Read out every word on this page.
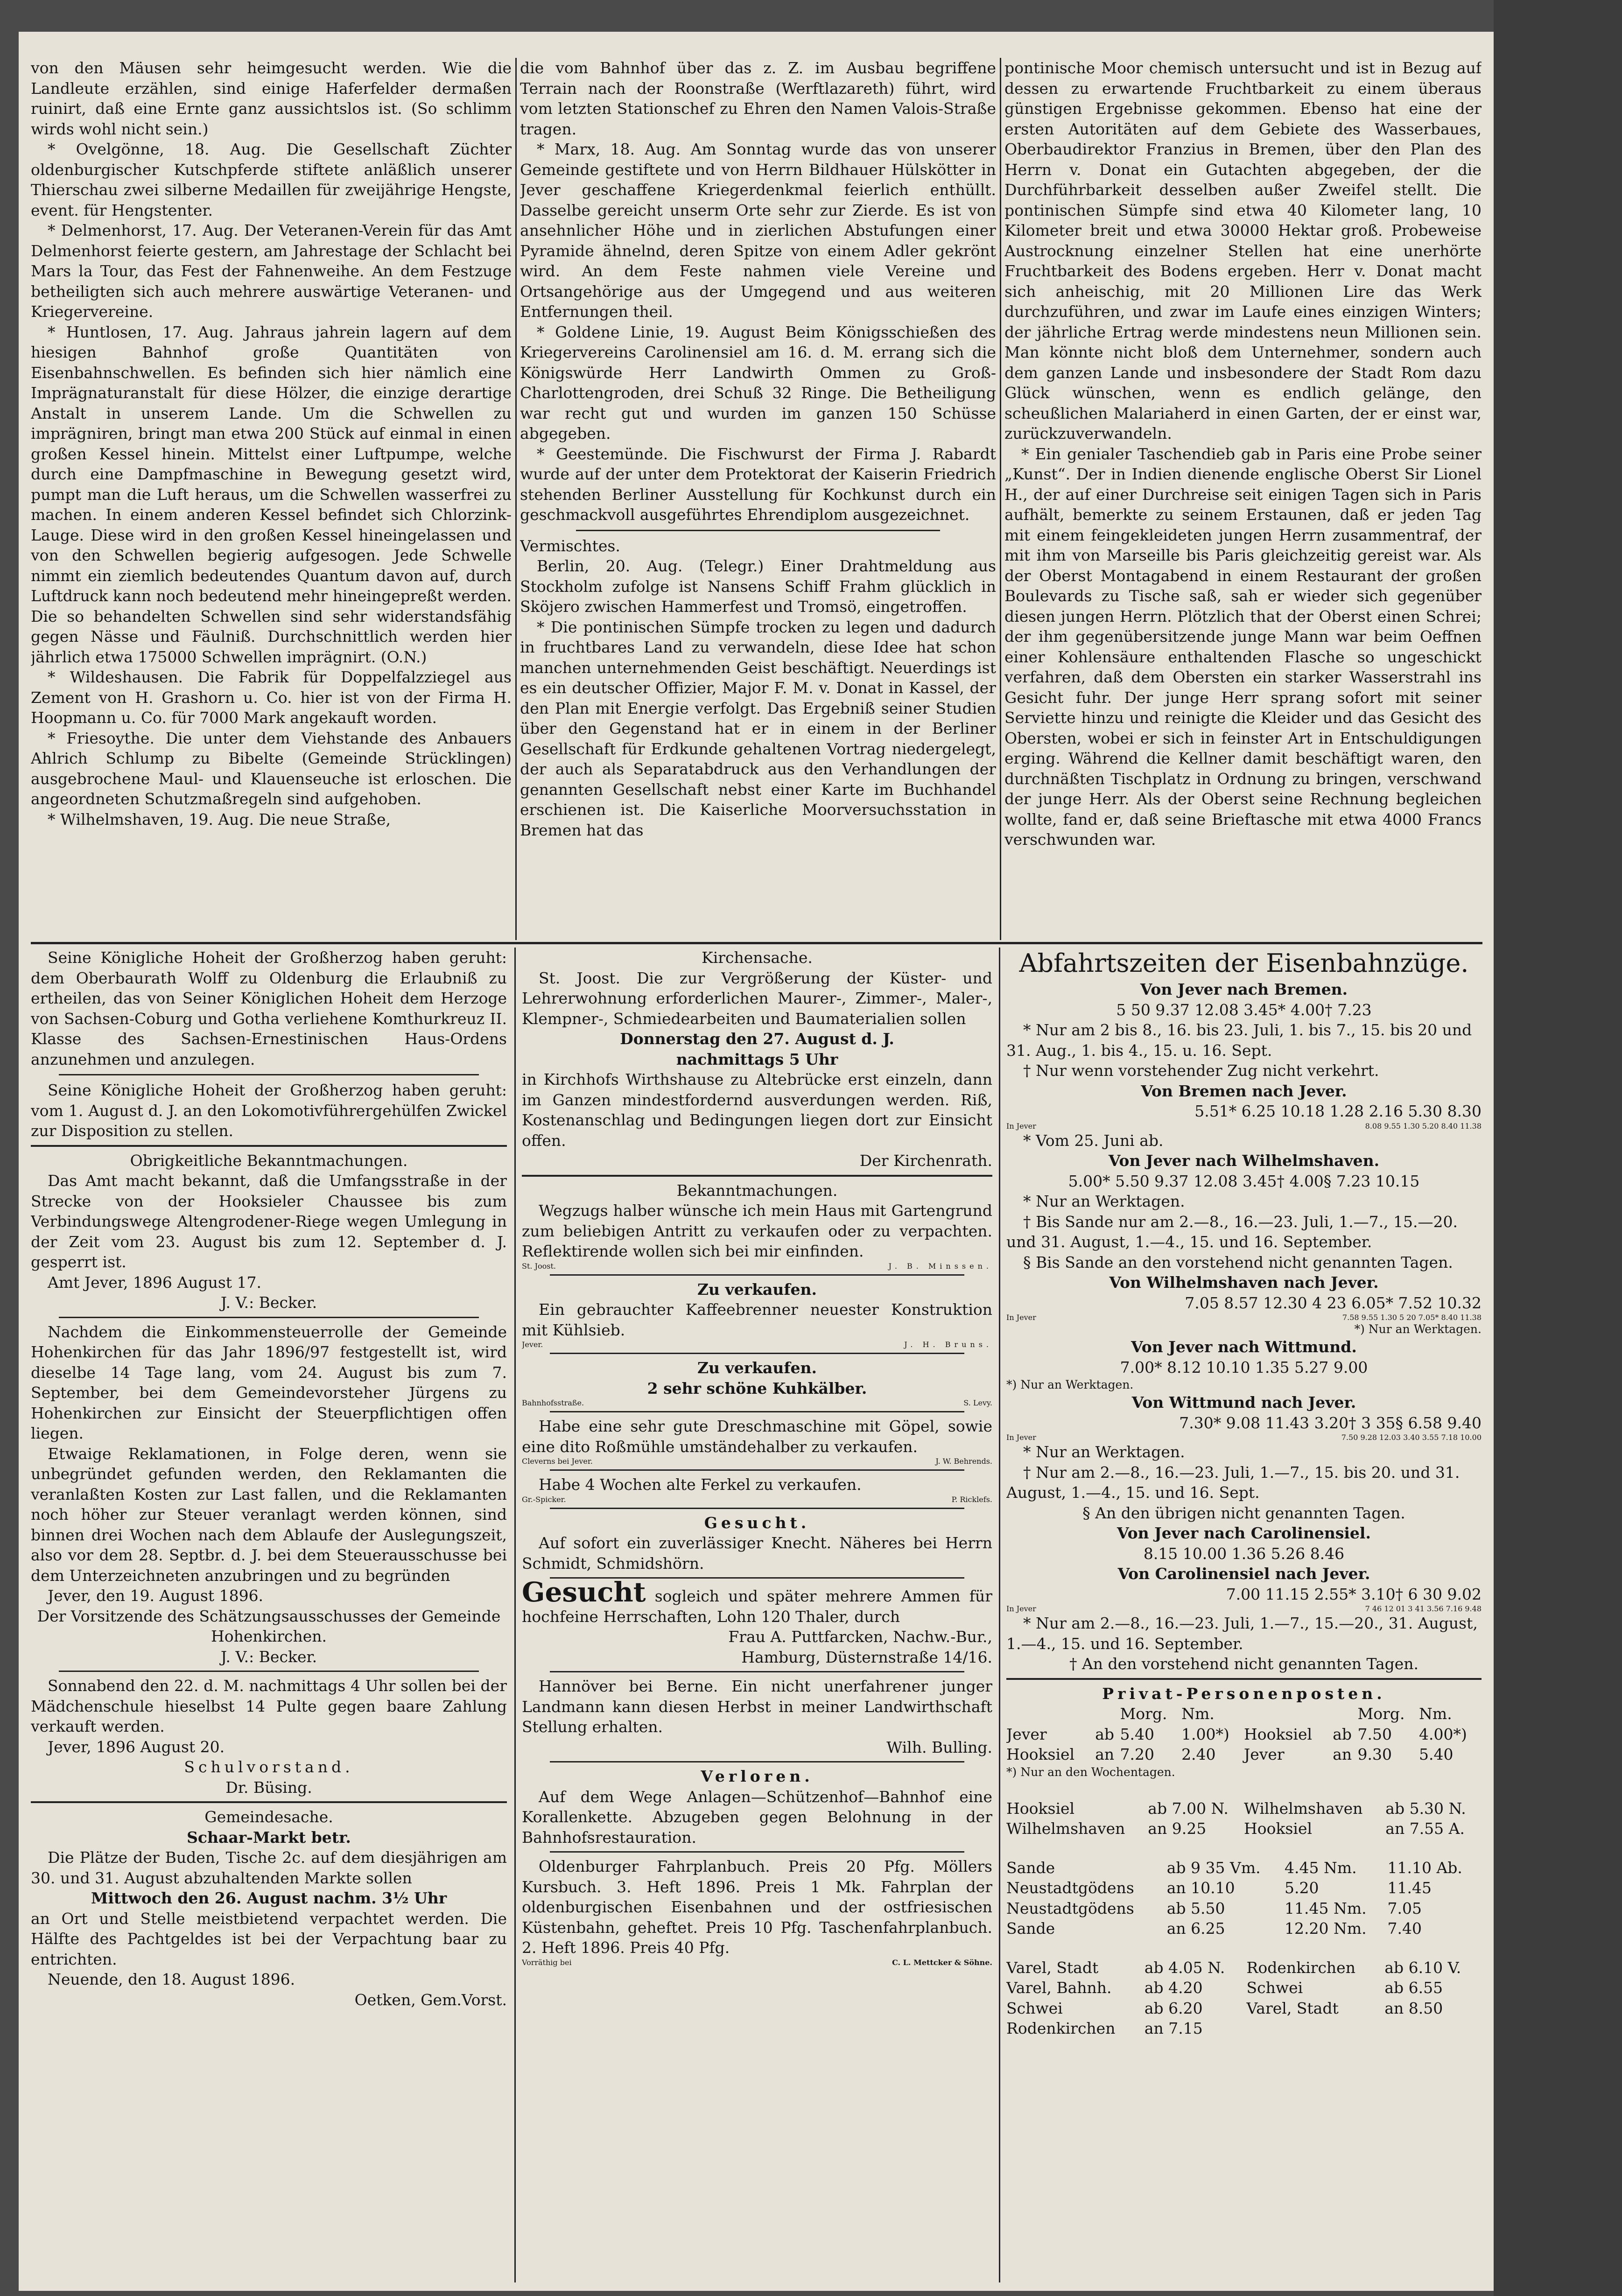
von den Mäusen sehr heimgesucht werden. Wie die Landleute erzählen, sind einige Haferfelder dermaßen ruinirt, daß eine Ernte ganz aussichtslos ist. (So schlimm wirds wohl nicht sein.)

* Ovelgönne, 18. Aug. Die Gesellschaft Züchter oldenburgischer Kutschpferde stiftete anläßlich unserer Thierschau zwei silberne Medaillen für zweijährige Hengste, event. für Hengstenter.

* Delmenhorst, 17. Aug. Der Veteranen-Verein für das Amt Delmenhorst feierte gestern, am Jahrestage der Schlacht bei Mars la Tour, das Fest der Fahnenweihe. An dem Festzuge betheiligten sich auch mehrere auswärtige Veteranen- und Kriegervereine.

* Huntlosen, 17. Aug. Jahraus jahrein lagern auf dem hiesigen Bahnhof große Quantitäten von Eisenbahnschwellen. Es befinden sich hier nämlich eine Imprägnaturanstalt für diese Hölzer, die einzige derartige Anstalt in unserem Lande. Um die Schwellen zu imprägniren, bringt man etwa 200 Stück auf einmal in einen großen Kessel hinein. Mittelst einer Luftpumpe, welche durch eine Dampfmaschine in Bewegung gesetzt wird, pumpt man die Luft heraus, um die Schwellen wasserfrei zu machen. In einem anderen Kessel befindet sich Chlorzink-Lauge. Diese wird in den großen Kessel hineingelassen und von den Schwellen begierig aufgesogen. Jede Schwelle nimmt ein ziemlich bedeutendes Quantum davon auf, durch Luftdruck kann noch bedeutend mehr hineingepreßt werden. Die so behandelten Schwellen sind sehr widerstandsfähig gegen Nässe und Fäulniß. Durchschnittlich werden hier jährlich etwa 175000 Schwellen imprägnirt. (O.N.)

* Wildeshausen. Die Fabrik für Doppelfalzziegel aus Zement von H. Grashorn u. Co. hier ist von der Firma H. Hoopmann u. Co. für 7000 Mark angekauft worden.

* Friesoythe. Die unter dem Viehstande des Anbauers Ahlrich Schlump zu Bibelte (Gemeinde Strücklingen) ausgebrochene Maul- und Klauenseuche ist erloschen. Die angeordneten Schutzmaßregeln sind aufgehoben.

* Wilhelmshaven, 19. Aug. Die neue Straße,

die vom Bahnhof über das z. Z. im Ausbau begriffene Terrain nach der Roonstraße (Werftlazareth) führt, wird vom letzten Stationschef zu Ehren den Namen Valois-Straße tragen.

* Marx, 18. Aug. Am Sonntag wurde das von unserer Gemeinde gestiftete und von Herrn Bildhauer Hülskötter in Jever geschaffene Kriegerdenkmal feierlich enthüllt. Dasselbe gereicht unserm Orte sehr zur Zierde. Es ist von ansehnlicher Höhe und in zierlichen Abstufungen einer Pyramide ähnelnd, deren Spitze von einem Adler gekrönt wird. An dem Feste nahmen viele Vereine und Ortsangehörige aus der Umgegend und aus weiteren Entfernungen theil.

* Goldene Linie, 19. August Beim Königsschießen des Kriegervereins Carolinensiel am 16. d. M. errang sich die Königswürde Herr Landwirth Ommen zu Groß-Charlottengroden, drei Schuß 32 Ringe. Die Betheiligung war recht gut und wurden im ganzen 150 Schüsse abgegeben.

* Geestemünde. Die Fischwurst der Firma J. Rabardt wurde auf der unter dem Protektorat der Kaiserin Friedrich stehenden Berliner Ausstellung für Kochkunst durch ein geschmackvoll ausgeführtes Ehrendiplom ausgezeichnet.

Vermischtes.

Berlin, 20. Aug. (Telegr.) Einer Drahtmeldung aus Stockholm zufolge ist Nansens Schiff Frahm glücklich in Sköjero zwischen Hammerfest und Tromsö, eingetroffen.

* Die pontinischen Sümpfe trocken zu legen und dadurch in fruchtbares Land zu verwandeln, diese Idee hat schon manchen unternehmenden Geist beschäftigt. Neuerdings ist es ein deutscher Offizier, Major F. M. v. Donat in Kassel, der den Plan mit Energie verfolgt. Das Ergebniß seiner Studien über den Gegenstand hat er in einem in der Berliner Gesellschaft für Erdkunde gehaltenen Vortrag niedergelegt, der auch als Separatabdruck aus den Verhandlungen der genannten Gesellschaft nebst einer Karte im Buchhandel erschienen ist. Die Kaiserliche Moorversuchsstation in Bremen hat das

pontinische Moor chemisch untersucht und ist in Bezug auf dessen zu erwartende Fruchtbarkeit zu einem überaus günstigen Ergebnisse gekommen. Ebenso hat eine der ersten Autoritäten auf dem Gebiete des Wasserbaues, Oberbaudirektor Franzius in Bremen, über den Plan des Herrn v. Donat ein Gutachten abgegeben, der die Durchführbarkeit desselben außer Zweifel stellt. Die pontinischen Sümpfe sind etwa 40 Kilometer lang, 10 Kilometer breit und etwa 30000 Hektar groß. Probeweise Austrocknung einzelner Stellen hat eine unerhörte Fruchtbarkeit des Bodens ergeben. Herr v. Donat macht sich anheischig, mit 20 Millionen Lire das Werk durchzuführen, und zwar im Laufe eines einzigen Winters; der jährliche Ertrag werde mindestens neun Millionen sein. Man könnte nicht bloß dem Unternehmer, sondern auch dem ganzen Lande und insbesondere der Stadt Rom dazu Glück wünschen, wenn es endlich gelänge, den scheußlichen Malariaherd in einen Garten, der er einst war, zurückzuverwandeln.

* Ein genialer Taschendieb gab in Paris eine Probe seiner „Kunst“. Der in Indien dienende englische Oberst Sir Lionel H., der auf einer Durchreise seit einigen Tagen sich in Paris aufhält, bemerkte zu seinem Erstaunen, daß er jeden Tag mit einem feingekleideten jungen Herrn zusammentraf, der mit ihm von Marseille bis Paris gleichzeitig gereist war. Als der Oberst Montagabend in einem Restaurant der großen Boulevards zu Tische saß, sah er wieder sich gegenüber diesen jungen Herrn. Plötzlich that der Oberst einen Schrei; der ihm gegenübersitzende junge Mann war beim Oeffnen einer Kohlensäure enthaltenden Flasche so ungeschickt verfahren, daß dem Obersten ein starker Wasserstrahl ins Gesicht fuhr. Der junge Herr sprang sofort mit seiner Serviette hinzu und reinigte die Kleider und das Gesicht des Obersten, wobei er sich in feinster Art in Entschuldigungen erging. Während die Kellner damit beschäftigt waren, den durchnäßten Tischplatz in Ordnung zu bringen, verschwand der junge Herr. Als der Oberst seine Rechnung begleichen wollte, fand er, daß seine Brieftasche mit etwa 4000 Francs verschwunden war.

Seine Königliche Hoheit der Großherzog haben geruht: dem Oberbaurath Wolff zu Oldenburg die Erlaubniß zu ertheilen, das von Seiner Königlichen Hoheit dem Herzoge von Sachsen-Coburg und Gotha verliehene Komthurkreuz II. Klasse des Sachsen-Ernestinischen Haus-Ordens anzunehmen und anzulegen.

Seine Königliche Hoheit der Großherzog haben geruht: vom 1. August d. J. an den Lokomotivführergehülfen Zwickel zur Disposition zu stellen.

Obrigkeitliche Bekanntmachungen.

Das Amt macht bekannt, daß die Umfangsstraße in der Strecke von der Hooksieler Chaussee bis zum Verbindungswege Altengrodener-Riege wegen Umlegung in der Zeit vom 23. August bis zum 12. September d. J. gesperrt ist.

Amt Jever, 1896 August 17.

J. V.: Becker.

Nachdem die Einkommensteuerrolle der Gemeinde Hohenkirchen für das Jahr 1896/97 festgestellt ist, wird dieselbe 14 Tage lang, vom 24. August bis zum 7. September, bei dem Gemeindevorsteher Jürgens zu Hohenkirchen zur Einsicht der Steuerpflichtigen offen liegen.

Etwaige Reklamationen, in Folge deren, wenn sie unbegründet gefunden werden, den Reklamanten die veranlaßten Kosten zur Last fallen, und die Reklamanten noch höher zur Steuer veranlagt werden können, sind binnen drei Wochen nach dem Ablaufe der Auslegungszeit, also vor dem 28. Septbr. d. J. bei dem Steuerausschusse bei dem Unterzeichneten anzubringen und zu begründen

Jever, den 19. August 1896.

Der Vorsitzende des Schätzungsausschusses der Gemeinde Hohenkirchen.

J. V.: Becker.

Sonnabend den 22. d. M. nachmittags 4 Uhr sollen bei der Mädchenschule hieselbst 14 Pulte gegen baare Zahlung verkauft werden.

Jever, 1896 August 20.

Schulvorstand.

Dr. Büsing.

Gemeindesache.

Schaar-Markt betr.

Die Plätze der Buden, Tische 2c. auf dem diesjährigen am 30. und 31. August abzuhaltenden Markte sollen

Mittwoch den 26. August nachm. 3½ Uhr

an Ort und Stelle meistbietend verpachtet werden. Die Hälfte des Pachtgeldes ist bei der Verpachtung baar zu entrichten.

Neuende, den 18. August 1896.

Oetken, Gem.Vorst.

Kirchensache.

St. Joost. Die zur Vergrößerung der Küster- und Lehrerwohnung erforderlichen Maurer-, Zimmer-, Maler-, Klempner-, Schmiedearbeiten und Baumaterialien sollen

Donnerstag den 27. August d. J.

nachmittags 5 Uhr

in Kirchhofs Wirthshause zu Altebrücke erst einzeln, dann im Ganzen mindestfordernd ausverdungen werden. Riß, Kostenanschlag und Bedingungen liegen dort zur Einsicht offen.

Der Kirchenrath.

Bekanntmachungen.

Wegzugs halber wünsche ich mein Haus mit Gartengrund zum beliebigen Antritt zu verkaufen oder zu verpachten. Reflektirende wollen sich bei mir einfinden.

St. Joost.	J. B. Minssen.

Zu verkaufen.

Ein gebrauchter Kaffeebrenner neuester Konstruktion mit Kühlsieb.

Jever.	J. H. Bruns.

Zu verkaufen.

2 sehr schöne Kuhkälber.

Bahnhofsstraße.	S. Levy.

Habe eine sehr gute Dreschmaschine mit Göpel, sowie eine dito Roßmühle umständehalber zu verkaufen.

Cleverns bei Jever.	J. W. Behrends.

Habe 4 Wochen alte Ferkel zu verkaufen.

Gr.-Spicker.	P. Ricklefs.

Gesucht.

Auf sofort ein zuverlässiger Knecht. Näheres bei Herrn Schmidt, Schmidshörn.

Gesucht sogleich und später mehrere Ammen für hochfeine Herrschaften, Lohn 120 Thaler, durch

Frau A. Puttfarcken, Nachw.-Bur.,

Hamburg, Düsternstraße 14/16.

Hannöver bei Berne. Ein nicht unerfahrener junger Landmann kann diesen Herbst in meiner Landwirthschaft Stellung erhalten.

Wilh. Bulling.

Verloren.

Auf dem Wege Anlagen—Schützenhof—Bahnhof eine Korallenkette. Abzugeben gegen Belohnung in der Bahnhofsrestauration.

Oldenburger Fahrplanbuch. Preis 20 Pfg. Möllers Kursbuch. 3. Heft 1896. Preis 1 Mk. Fahrplan der oldenburgischen Eisenbahnen und der ostfriesischen Küstenbahn, geheftet. Preis 10 Pfg. Taschenfahrplanbuch. 2. Heft 1896. Preis 40 Pfg.

Vorräthig bei	C. L. Mettcker & Söhne.

Abfahrtszeiten der Eisenbahnzüge.

Von Jever nach Bremen.

5 50 9.37 12.08 3.45* 4.00† 7.23

* Nur am 2 bis 8., 16. bis 23. Juli, 1. bis 7., 15. bis 20 und 31. Aug., 1. bis 4., 15. u. 16. Sept.

† Nur wenn vorstehender Zug nicht verkehrt.

Von Bremen nach Jever.

5.51* 6.25 10.18 1.28 2.16 5.30 8.30

In Jever	8.08 9.55 1.30 5.20 8.40 11.38

* Vom 25. Juni ab.

Von Jever nach Wilhelmshaven.

5.00* 5.50 9.37 12.08 3.45† 4.00§ 7.23 10.15

* Nur an Werktagen.

† Bis Sande nur am 2.—8., 16.—23. Juli, 1.—7., 15.—20. und 31. August, 1.—4., 15. und 16. September.

§ Bis Sande an den vorstehend nicht genannten Tagen.

Von Wilhelmshaven nach Jever.

7.05 8.57 12.30 4 23 6.05* 7.52 10.32

In Jever	7.58 9.55 1.30 5 20 7.05* 8.40 11.38

*) Nur an Werktagen.

Von Jever nach Wittmund.

7.00* 8.12 10.10 1.35 5.27 9.00

*) Nur an Werktagen.

Von Wittmund nach Jever.

7.30* 9.08 11.43 3.20† 3 35§ 6.58 9.40

In Jever	7.50 9.28 12.03 3.40 3.55 7.18 10.00

* Nur an Werktagen.

† Nur am 2.—8., 16.—23. Juli, 1.—7., 15. bis 20. und 31. August, 1.—4., 15. und 16. Sept.

§ An den übrigen nicht genannten Tagen.

Von Jever nach Carolinensiel.

8.15 10.00 1.36 5.26 8.46

Von Carolinensiel nach Jever.

7.00 11.15 2.55* 3.10† 6 30 9.02

In Jever	7 46 12 01 3 41 3.56 7.16 9.48

* Nur am 2.—8., 16.—23. Juli, 1.—7., 15.—20., 31. August, 1.—4., 15. und 16. September.

† An den vorstehend nicht genannten Tagen.

Privat-Personenposten.

		Morg.	Nm.			Morg.	Nm.
Jever	ab	5.40	1.00*)	Hooksiel	ab	7.50	4.00*)
Hooksiel	an	7.20	2.40	Jever	an	9.30	5.40

*) Nur an den Wochentagen.

Hooksiel	ab 7.00 N.	Wilhelmshaven	ab 5.30 N.
Wilhelmshaven	an 9.25	Hooksiel	an 7.55 A.
Sande	ab 9 35 Vm.	4.45 Nm.	11.10 Ab.
Neustadtgödens	an 10.10	5.20	11.45
Neustadtgödens	ab 5.50	11.45 Nm.	7.05
Sande	an 6.25	12.20 Nm.	7.40
Varel, Stadt	ab 4.05 N.	Rodenkirchen	ab 6.10 V.
Varel, Bahnh.	ab 4.20	Schwei	ab 6.55
Schwei	ab 6.20	Varel, Stadt	an 8.50
Rodenkirchen	an 7.15		
